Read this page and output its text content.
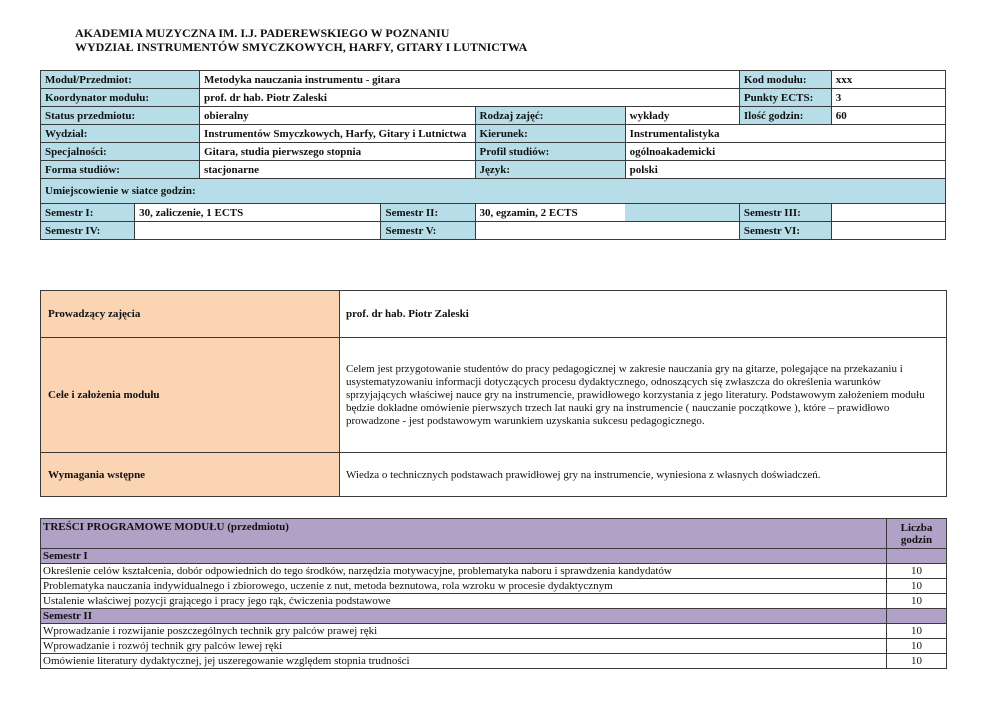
AKADEMIA MUZYCZNA IM. I.J. PADEREWSKIEGO W POZNANIU
WYDZIAŁ INSTRUMENTÓW SMYCZKOWYCH, HARFY, GITARY I LUTNICTWA
Moduł/Przedmiot:		Metodyka nauczania instrumentu - gitara				Kod modułu:	xxx
Koordynator modułu:		prof. dr hab. Piotr Zaleski				Punkty ECTS:	3
Status przedmiotu:		obieralny		Rodzaj zajęć:	wykłady	Ilość godzin:	60
Wydział:		Instrumentów Smyczkowych, Harfy, Gitary i Lutnictwa		Kierunek:	Instrumentalistyka		
Specjalności:		Gitara, studia pierwszego stopnia		Profil studiów:	ogólnoakademicki		
Forma studiów:		stacjonarne		Język:	polski		
Umiejscowienie w siatce godzin:							
Semestr I:	30, zaliczenie, 1 ECTS		Semestr II:	30, egzamin, 2 ECTS		Semestr III:	
Semestr IV:			Semestr V:			Semestr VI:	
Prowadzący zajęcia	prof. dr hab. Piotr Zaleski
Cele i założenia modułu	Celem jest przygotowanie studentów do pracy pedagogicznej w zakresie nauczania gry na gitarze, polegające na przekazaniu i usystematyzowaniu informacji dotyczących procesu dydaktycznego, odnoszących się zwłaszcza do określenia warunków sprzyjających właściwej nauce gry na instrumencie, prawidłowego korzystania z jego literatury. Podstawowym założeniem modułu będzie dokładne omówienie pierwszych trzech lat nauki gry na instrumencie ( nauczanie początkowe ), które – prawidłowo prowadzone - jest podstawowym warunkiem uzyskania sukcesu pedagogicznego.
Wymagania wstępne	Wiedza o technicznych podstawach prawidłowej gry na instrumencie, wyniesiona z własnych doświadczeń.
TREŚCI PROGRAMOWE MODUŁU (przedmiotu)	Liczba godzin
Semestr I	
Określenie celów kształcenia, dobór odpowiednich do tego środków, narzędzia motywacyjne, problematyka naboru i sprawdzenia kandydatów	10
Problematyka nauczania indywidualnego i zbiorowego, uczenie z nut, metoda beznutowa, rola wzroku w procesie dydaktycznym	10
Ustalenie właściwej pozycji grającego i pracy jego rąk, ćwiczenia podstawowe	10
Semestr II	
Wprowadzanie i rozwijanie poszczególnych technik gry palców prawej ręki	10
Wprowadzanie i rozwój technik gry palców lewej ręki	10
Omówienie literatury dydaktycznej, jej uszeregowanie względem stopnia trudności	10
